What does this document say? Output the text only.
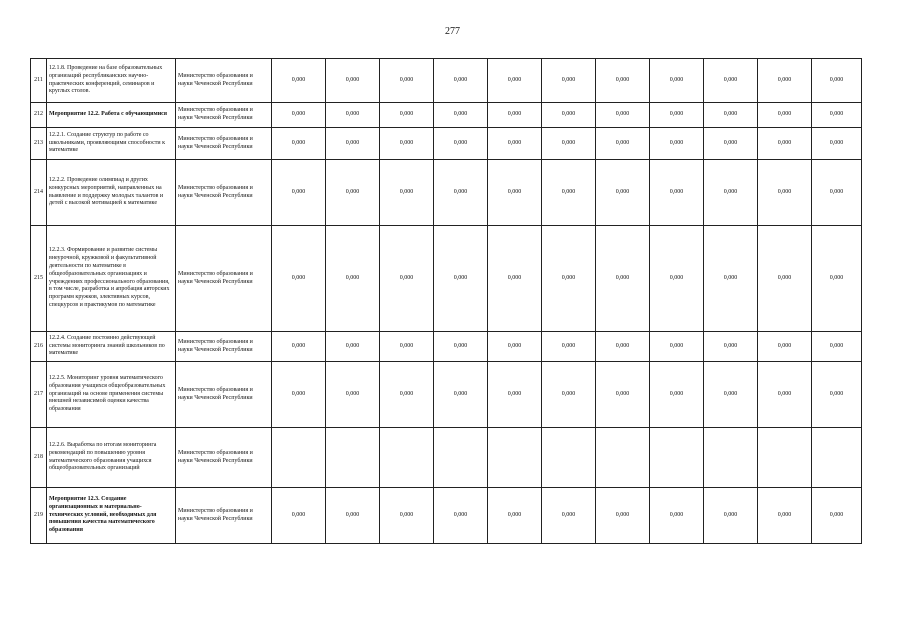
277
211	12.1.8. Проведение на базе образовательных организаций республиканских научно-практических конференций, семинаров и круглых столов.	Министерство образования и науки Чеченской Республики	0,000	0,000	0,000	0,000	0,000	0,000	0,000	0,000	0,000	0,000	0,000
212	Мероприятие 12.2. Работа с обучающимися	Министерство образования и науки Чеченской Республики	0,000	0,000	0,000	0,000	0,000	0,000	0,000	0,000	0,000	0,000	0,000
213	12.2.1. Создание структур по работе со школьниками, проявляющими способности к математике	Министерство образования и науки Чеченской Республики	0,000	0,000	0,000	0,000	0,000	0,000	0,000	0,000	0,000	0,000	0,000
214	12.2.2. Проведение олимпиад и других конкурсных мероприятий, направленных на выявление и поддержку молодых талантов и детей с высокой мотивацией к математике	Министерство образования и науки Чеченской Республики	0,000	0,000	0,000	0,000	0,000	0,000	0,000	0,000	0,000	0,000	0,000
215	12.2.3. Формирование и развитие системы внеурочной, кружковой и факультативной деятельности по математике в общеобразовательных организациях и учреждениях профессионального образования, в том числе, разработка и апробация авторских программ кружков, элективных курсов, спецкурсов и практикумов по математике	Министерство образования и науки Чеченской Республики	0,000	0,000	0,000	0,000	0,000	0,000	0,000	0,000	0,000	0,000	0,000
216	12.2.4. Создание постоянно действующей системы мониторинга знаний школьников по математике	Министерство образования и науки Чеченской Республики	0,000	0,000	0,000	0,000	0,000	0,000	0,000	0,000	0,000	0,000	0,000
217	12.2.5. Мониторинг уровня математического образования учащихся общеобразовательных организаций на основе применения системы внешней независимой оценки качества образования	Министерство образования и науки Чеченской Республики	0,000	0,000	0,000	0,000	0,000	0,000	0,000	0,000	0,000	0,000	0,000
218	12.2.6. Выработка по итогам мониторинга рекомендаций по повышению уровня математического образования учащихся общеобразовательных организаций	Министерство образования и науки Чеченской Республики											
219	Мероприятие 12.3. Создание организационных и материально-технических условий, необходимых для повышения качества математического образования	Министерство образования и науки Чеченской Республики	0,000	0,000	0,000	0,000	0,000	0,000	0,000	0,000	0,000	0,000	0,000
